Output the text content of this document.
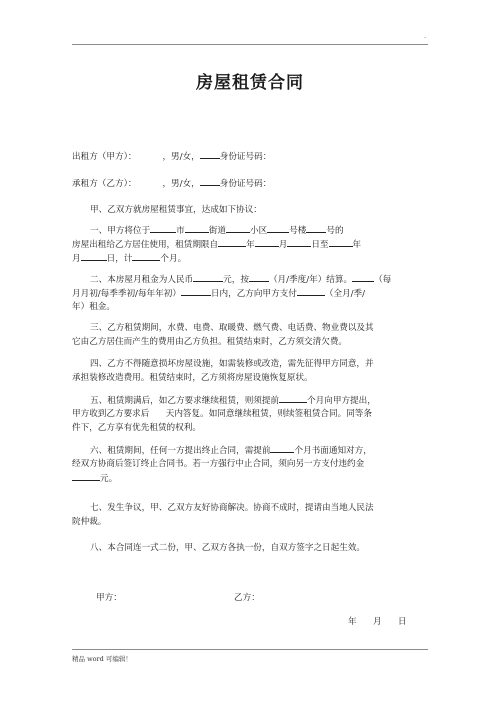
.
房屋租赁合同
出租方（甲方）：	，男/女， 身份证号码：
承租方（乙方）：	，男/女， 身份证号码：
甲、乙双方就房屋租赁事宜，达成如下协议：
一、甲方将位于	市	街道	小区	号楼 号的
房屋出租给乙方居住使用，租赁期限自	年	月	日至	年
月	日，计	个月。
二、本房屋月租金为人民币	元，按 （月/季度/年）结算。	（每
月月初/每季季初/每年年初）	日内，乙方向甲方支付	（全月/季/
年）租金。
三、乙方租赁期间，水费、电费、取暖费、燃气费、电话费、物业费以及其
它由乙方居住而产生的费用由乙方负担。租赁结束时，乙方须交清欠费。
四、乙方不得随意损坏房屋设施，如需装修或改造，需先征得甲方同意，并
承担装修改造费用。租赁结束时，乙方须将房屋设施恢复原状。
五、租赁期满后，如乙方要求继续租赁，则须提前	个月向甲方提出，
甲方收到乙方要求后      天内答复。如同意继续租赁，则续签租赁合同。同等条
件下，乙方享有优先租赁的权利。
六、租赁期间，任何一方提出终止合同，需提前	个月书面通知对方，
经双方协商后签订终止合同书。若一方强行中止合同，须向另一方支付违约金
元。
七、发生争议，甲、乙双方友好协商解决。协商不成时，提请由当地人民法
院仲裁。
八、本合同连一式二份，甲、乙双方各执一份，自双方签字之日起生效。
甲方：	乙方：
年 月 日
精品 word 可编辑！
